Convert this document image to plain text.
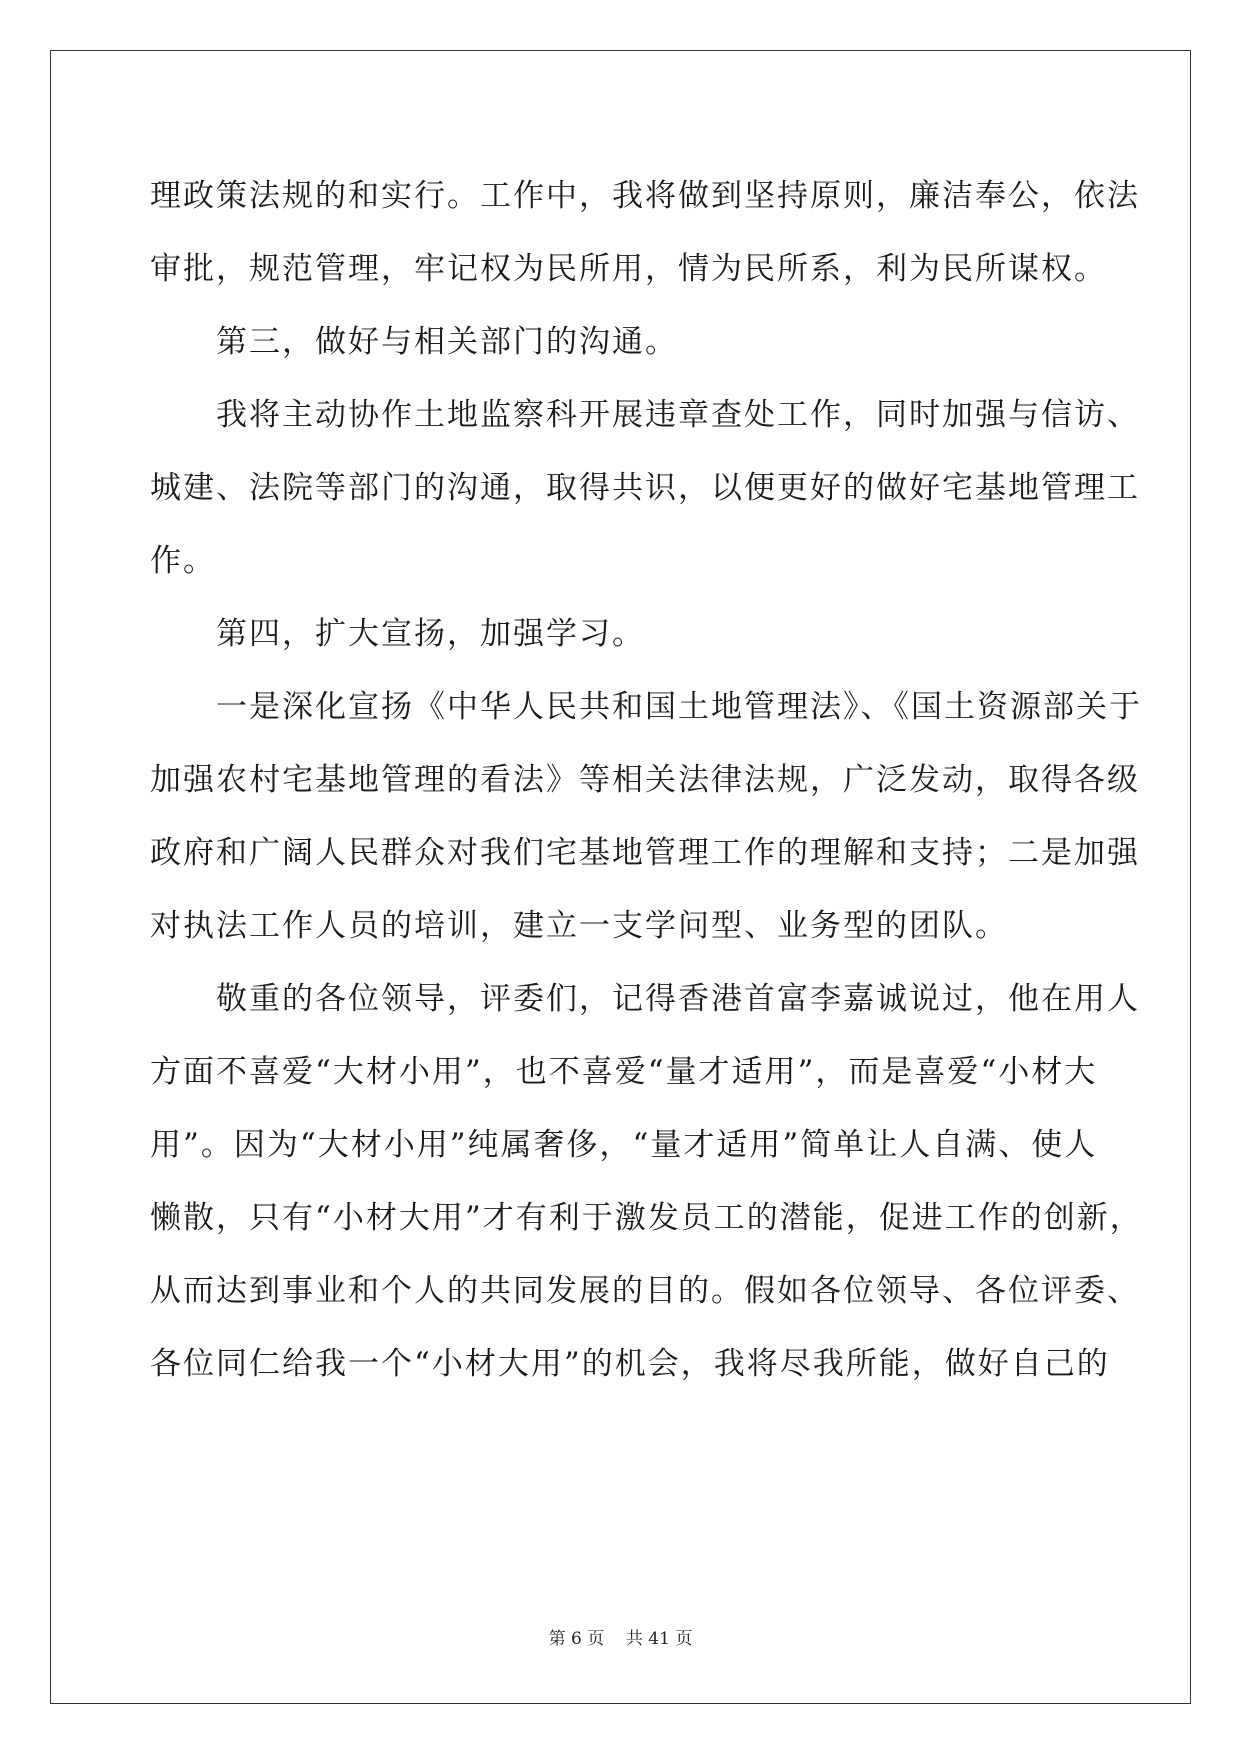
理政策法规的和实行。工作中，我将做到坚持原则，廉洁奉公，依法
审批，规范管理，牢记权为民所用，情为民所系，利为民所谋权。
第三，做好与相关部门的沟通。
我将主动协作土地监察科开展违章查处工作，同时加强与信访、
城建、法院等部门的沟通，取得共识，以便更好的做好宅基地管理工
作。
第四，扩大宣扬，加强学习。
一是深化宣扬《中华人民共和国土地管理法》、《国土资源部关于
加强农村宅基地管理的看法》等相关法律法规，广泛发动，取得各级
政府和广阔人民群众对我们宅基地管理工作的理解和支持；二是加强
对执法工作人员的培训，建立一支学问型、业务型的团队。
敬重的各位领导，评委们，记得香港首富李嘉诚说过，他在用人
方面不喜爱“大材小用”，也不喜爱“量才适用”，而是喜爱“小材大
用”。因为“大材小用”纯属奢侈，“量才适用”简单让人自满、使人
懒散，只有“小材大用”才有利于激发员工的潜能，促进工作的创新，
从而达到事业和个人的共同发展的目的。假如各位领导、各位评委、
各位同仁给我一个“小材大用”的机会，我将尽我所能，做好自己的
第 6 页 共 41 页
